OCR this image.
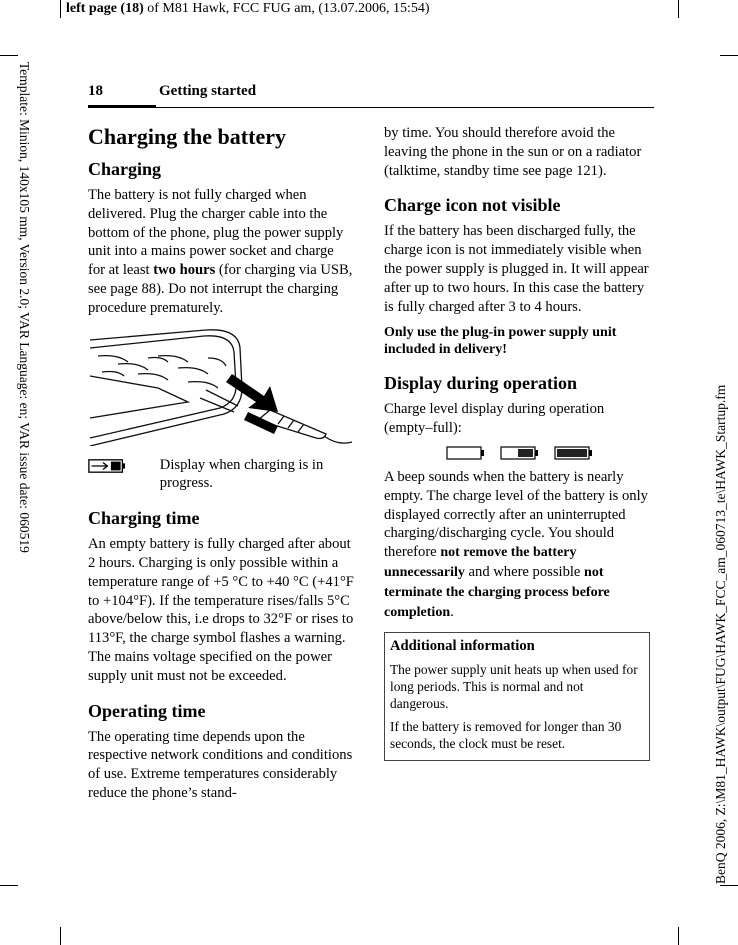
left page (18) of M81 Hawk, FCC FUG am, (13.07.2006, 15:54)
Template: Minion, 140x105 mm, Version 2.0; VAR Language: en; VAR issue date: 060519
BenQ 2006, Z:\M81_HAWK\output\FUG\HAWK_FCC_am_060713_te\HAWK_Startup.fm
18	Getting started
Charging the battery
Charging

The battery is not fully charged when delivered. Plug the charger cable into the bottom of the phone, plug the power supply unit into a mains power socket and charge for at least two hours (for charging via USB, see page 88). Do not interrupt the charging procedure prematurely.

Display when charging is in progress.
Charging time

An empty battery is fully charged after about 2 hours. Charging is only possible within a temperature range of +5 °C to +40 °C (+41°F to +104°F). If the temperature rises/falls 5°C above/below this, i.e drops to 32°F or rises to 113°F, the charge symbol flashes a warning. The mains voltage specified on the power supply unit must not be exceeded.

Operating time

The operating time depends upon the respective network conditions and conditions of use. Extreme temperatures considerably reduce the phone’s stand-

by time. You should therefore avoid the leaving the phone in the sun or on a radiator (talktime, standby time see page 121).

Charge icon not visible

If the battery has been discharged fully, the charge icon is not immediately visible when the power supply is plugged in. It will appear after up to two hours. In this case the battery is fully charged after 3 to 4 hours.

Only use the plug-in power supply unit included in delivery!

Display during operation

Charge level display during operation (empty–full):

A beep sounds when the battery is nearly empty. The charge level of the battery is only displayed correctly after an uninterrupted charging/discharging cycle. You should therefore not remove the battery unnecessarily and where possible not terminate the charging process before completion.

Additional information

The power supply unit heats up when used for long periods. This is normal and not dangerous.

If the battery is removed for longer than 30 seconds, the clock must be reset.
